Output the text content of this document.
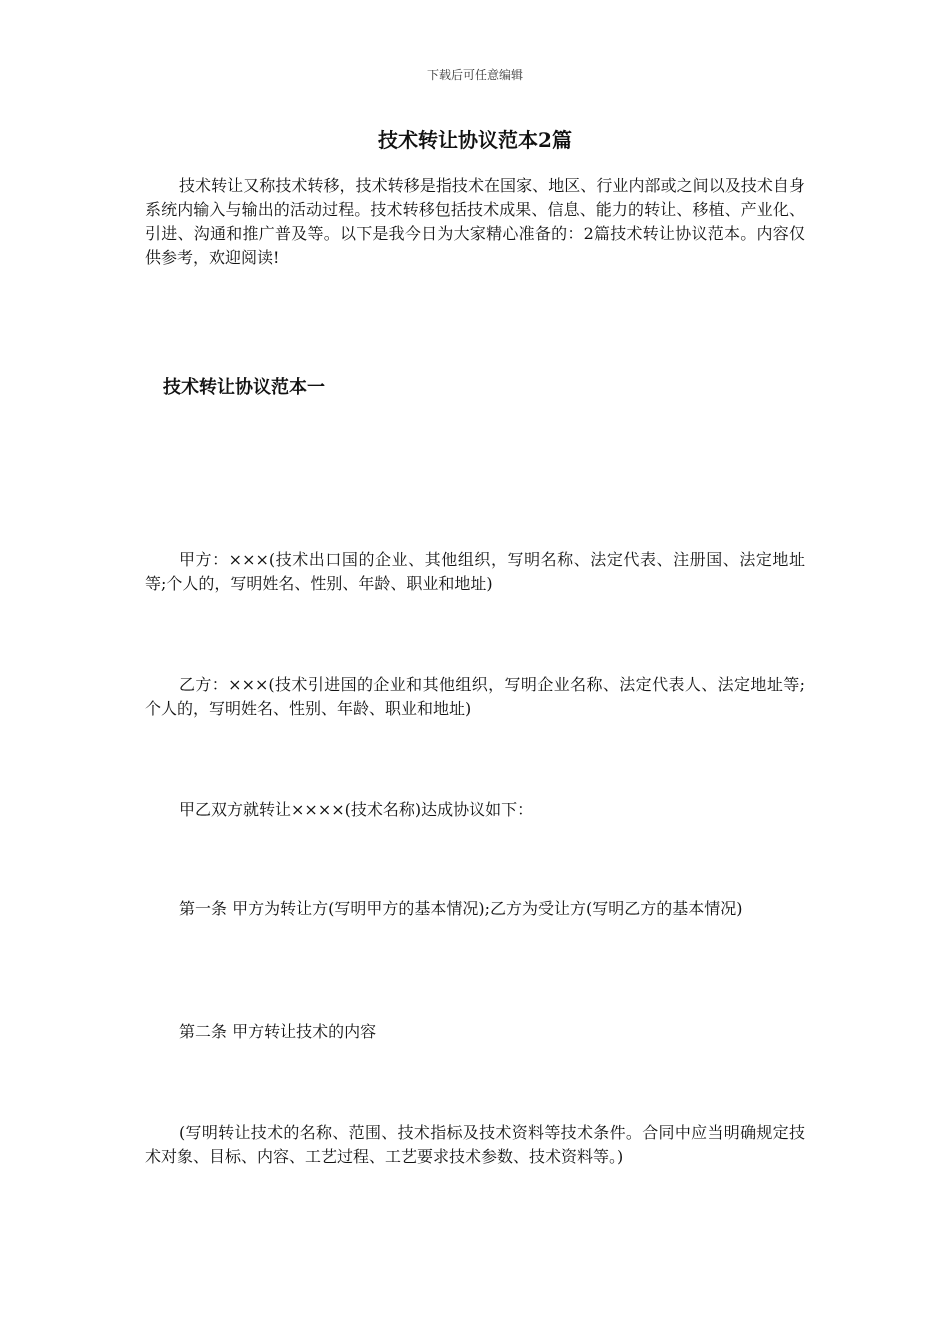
下载后可任意编辑
技术转让协议范本2篇

技术转让又称技术转移，技术转移是指技术在国家、地区、行业内部或之间以及技术自身系统内输入与输出的活动过程。技术转移包括技术成果、信息、能力的转让、移植、产业化、引进、沟通和推广普及等。以下是我今日为大家精心准备的：2篇技术转让协议范本。内容仅供参考，欢迎阅读!

技术转让协议范本一

甲方：×××(技术出口国的企业、其他组织，写明名称、法定代表、注册国、法定地址等;个人的，写明姓名、性别、年龄、职业和地址)

乙方：×××(技术引进国的企业和其他组织，写明企业名称、法定代表人、法定地址等;个人的，写明姓名、性别、年龄、职业和地址)

甲乙双方就转让××××(技术名称)达成协议如下：

第一条 甲方为转让方(写明甲方的基本情况);乙方为受让方(写明乙方的基本情况)

第二条 甲方转让技术的内容

(写明转让技术的名称、范围、技术指标及技术资料等技术条件。合同中应当明确规定技术对象、目标、内容、工艺过程、工艺要求技术参数、技术资料等。)
